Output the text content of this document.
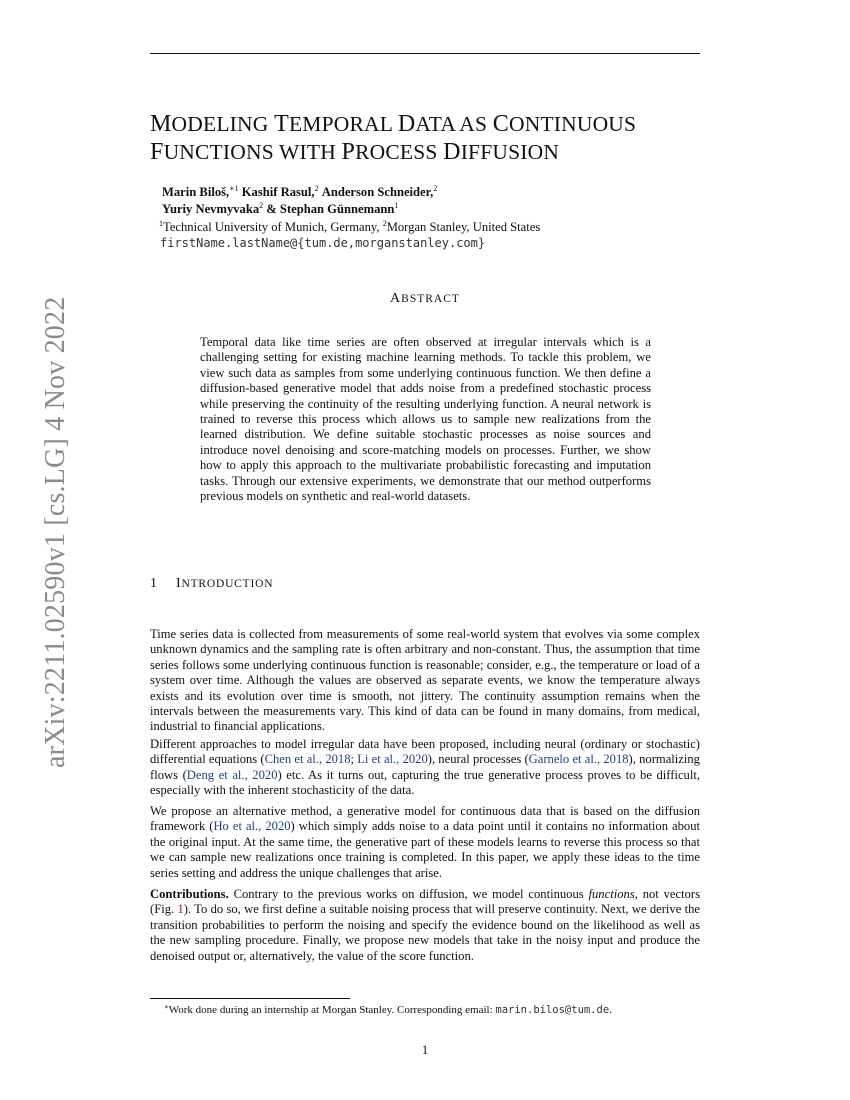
arXiv:2211.02590v1 [cs.LG] 4 Nov 2022
MODELING TEMPORAL DATA AS CONTINUOUS
FUNCTIONS WITH PROCESS DIFFUSION
Marin Biloš,$^{∗1}$ Kashif Rasul,$^2$ Anderson Schneider,$^2$
Yuriy Nevmyvaka$^2$ & Stephan Günnemann$^1$
$^1$Technical University of Munich, Germany, $^2$Morgan Stanley, United States
firstName.lastName@{tum.de,morganstanley.com}
ABSTRACT
Temporal data like time series are often observed at irregular intervals which is a challenging setting for existing machine learning methods. To tackle this problem, we view such data as samples from some underlying continuous function. We then define a diffusion-based generative model that adds noise from a predefined stochastic process while preserving the continuity of the resulting underlying function. A neural network is trained to reverse this process which allows us to sample new realizations from the learned distribution. We define suitable stochastic processes as noise sources and introduce novel denoising and score-matching models on processes. Further, we show how to apply this approach to the multivariate probabilistic forecasting and imputation tasks. Through our extensive experiments, we demonstrate that our method outperforms previous models on synthetic and real-world datasets.
1 INTRODUCTION

Time series data is collected from measurements of some real-world system that evolves via some complex unknown dynamics and the sampling rate is often arbitrary and non-constant. Thus, the assumption that time series follows some underlying continuous function is reasonable; consider, e.g., the temperature or load of a system over time. Although the values are observed as separate events, we know the temperature always exists and its evolution over time is smooth, not jittery. The continuity assumption remains when the intervals between the measurements vary. This kind of data can be found in many domains, from medical, industrial to financial applications.

Different approaches to model irregular data have been proposed, including neural (ordinary or stochastic) differential equations (Chen et al., 2018; Li et al., 2020), neural processes (Garnelo et al., 2018), normalizing flows (Deng et al., 2020) etc. As it turns out, capturing the true generative process proves to be difficult, especially with the inherent stochasticity of the data.

We propose an alternative method, a generative model for continuous data that is based on the diffusion framework (Ho et al., 2020) which simply adds noise to a data point until it contains no information about the original input. At the same time, the generative part of these models learns to reverse this process so that we can sample new realizations once training is completed. In this paper, we apply these ideas to the time series setting and address the unique challenges that arise.

Contributions. Contrary to the previous works on diffusion, we model continuous functions, not vectors (Fig. 1). To do so, we first define a suitable noising process that will preserve continuity. Next, we derive the transition probabilities to perform the noising and specify the evidence bound on the likelihood as well as the new sampling procedure. Finally, we propose new models that take in the noisy input and produce the denoised output or, alternatively, the value of the score function.

∗Work done during an internship at Morgan Stanley. Corresponding email: marin.bilos@tum.de.
1
